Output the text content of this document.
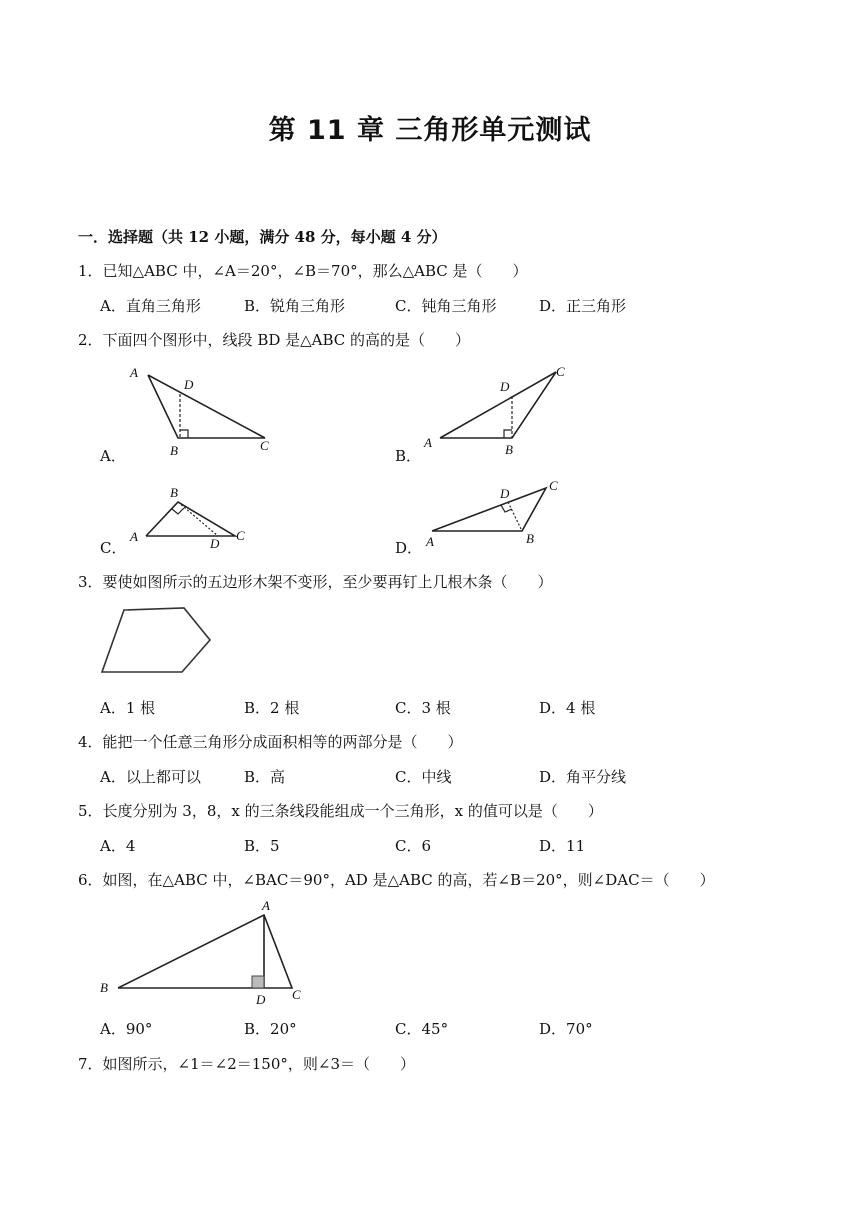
第 11 章 三角形单元测试
一．选择题（共 12 小题，满分 48 分，每小题 4 分）
1．已知△ABC 中，∠A＝20°，∠B＝70°，那么△ABC 是（　　）
A．直角三角形	B．锐角三角形	C．钝角三角形	D．正三角形
2．下面四个图形中，线段 BD 是△ABC 的高的是（　　）
A
D
B	C
A．
D
C
A	B
B．
B
A	D
C
C．
D
C
A	B
D．
3．要使如图所示的五边形木架不变形，至少要再钉上几根木条（　　）
A．1 根	B．2 根	C．3 根	D．4 根
4．能把一个任意三角形分成面积相等的两部分是（　　）
A．以上都可以	B．高	C．中线	D．角平分线
5．长度分别为 3，8，x 的三条线段能组成一个三角形，x 的值可以是（　　）
A．4	B．5	C．6	D．11
6．如图，在△ABC 中，∠BAC＝90°，AD 是△ABC 的高，若∠B＝20°，则∠DAC＝（　　）
A
B
D C
A．90°	B．20°	C．45°	D．70°
7．如图所示，∠1＝∠2＝150°，则∠3＝（　　）
